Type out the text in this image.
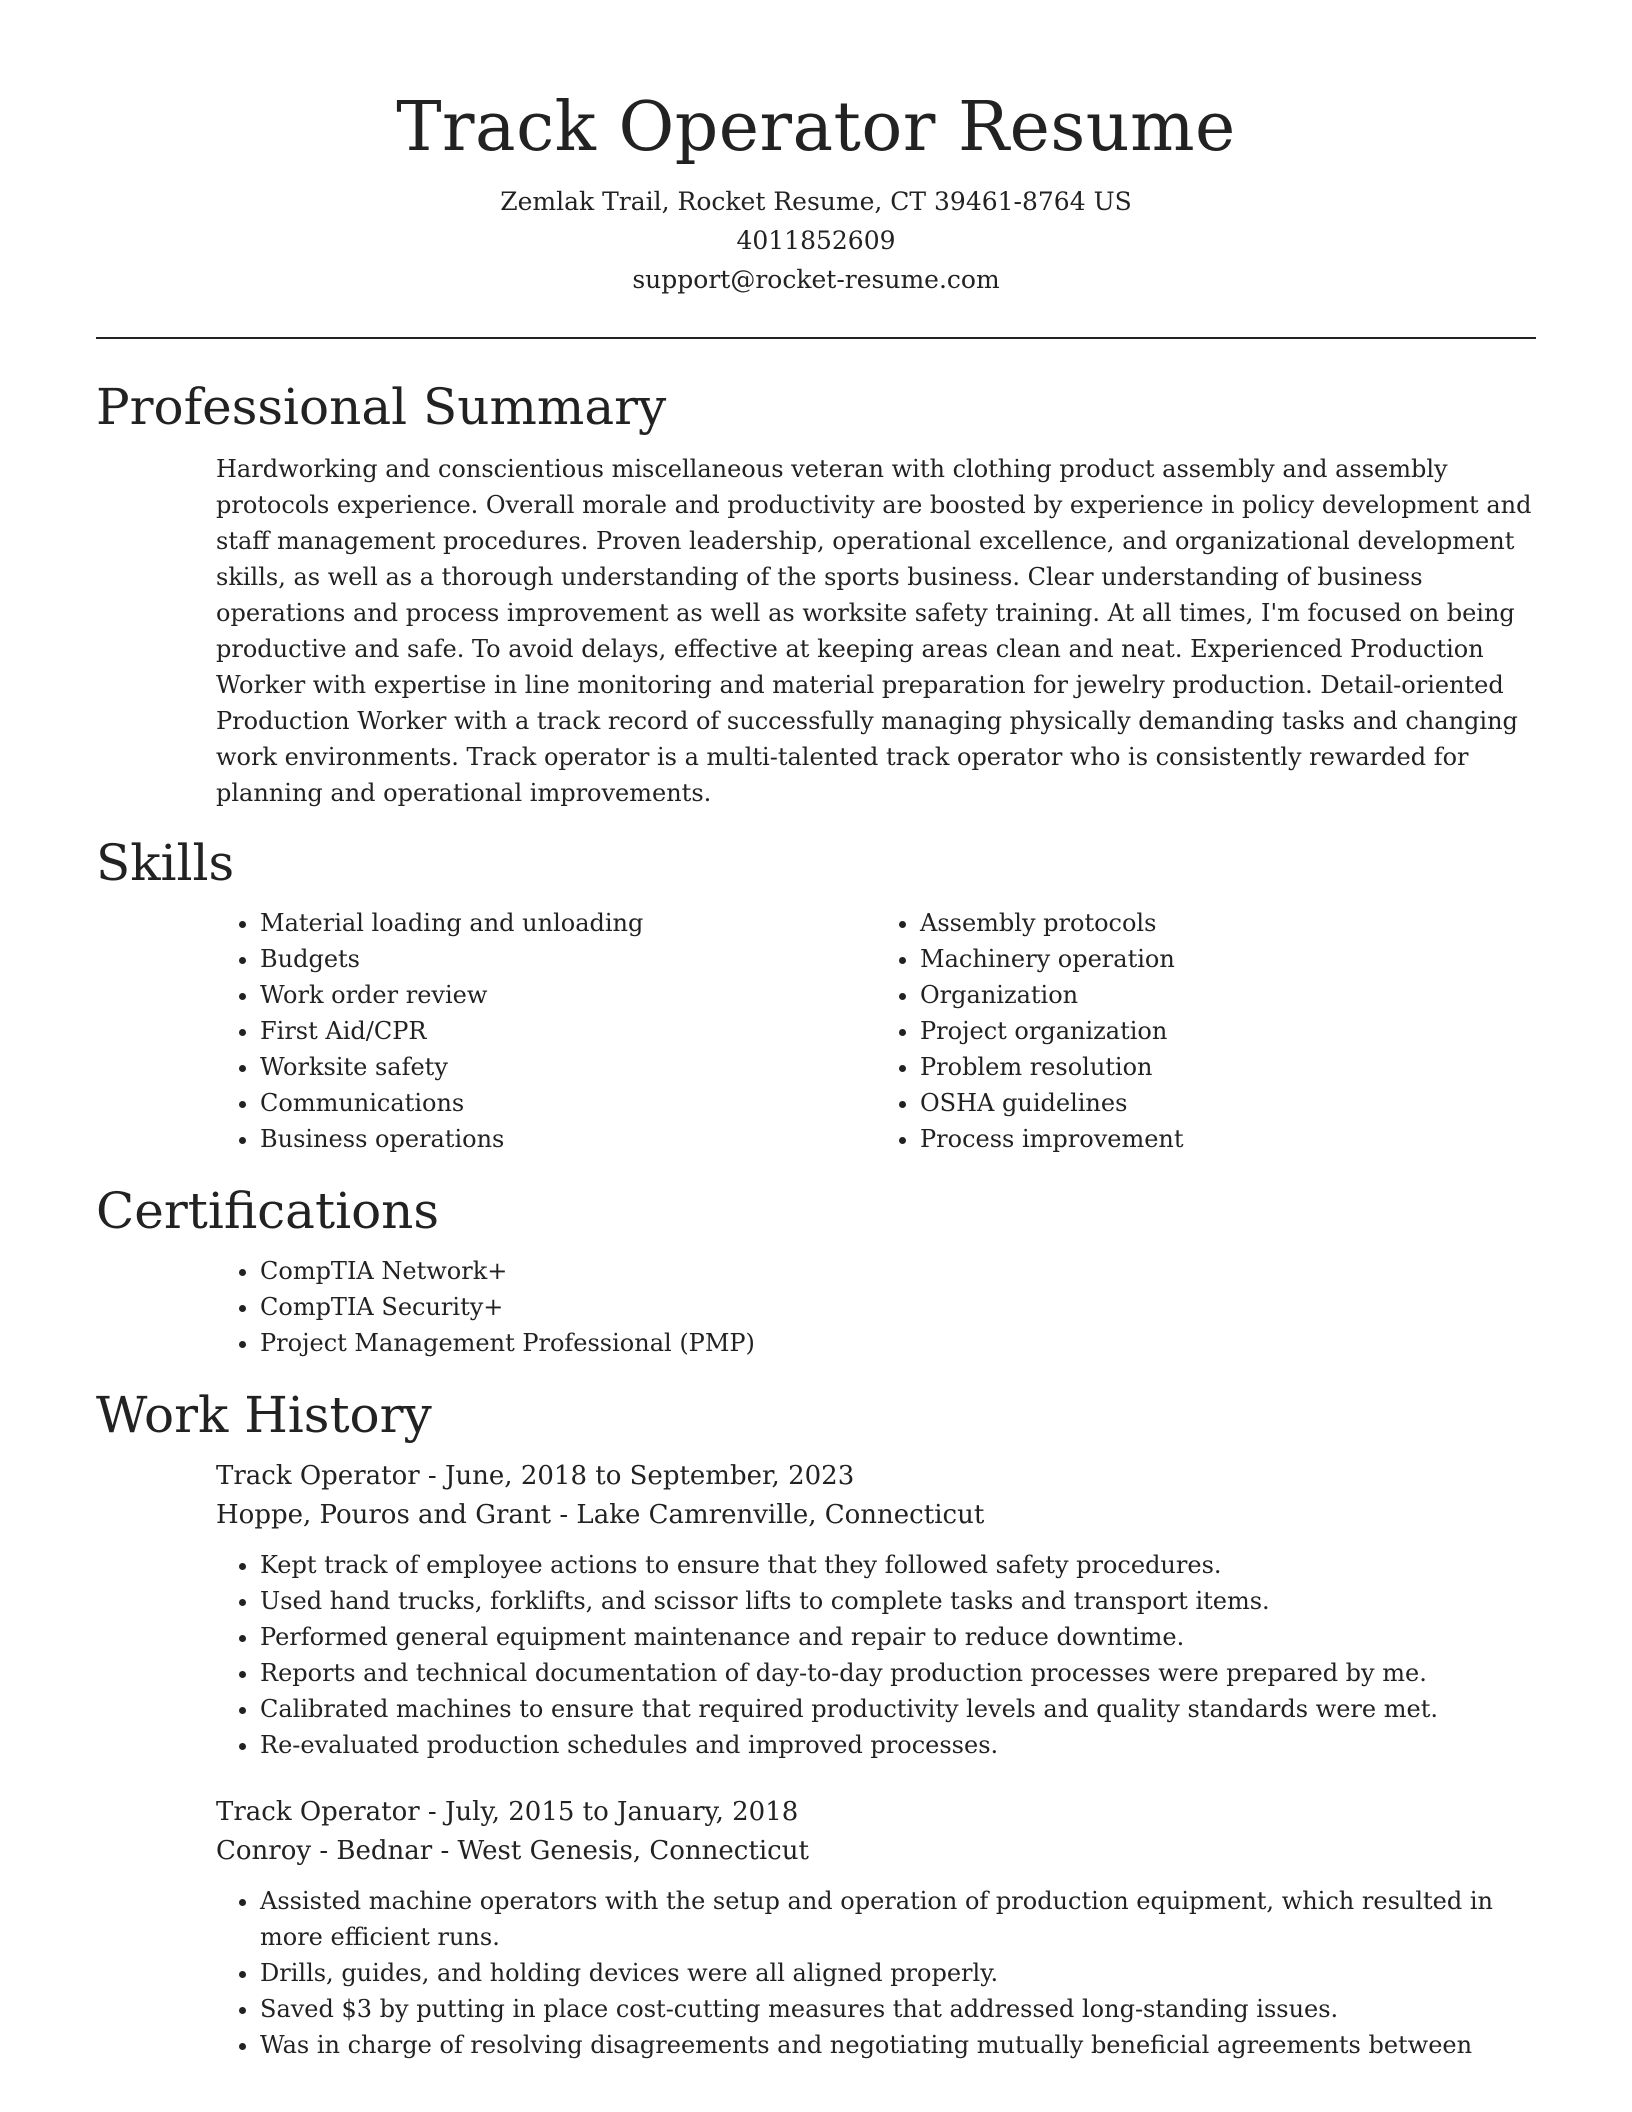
Track Operator Resume
Zemlak Trail, Rocket Resume, CT 39461-8764 US
4011852609
support@rocket-resume.com
Professional Summary

Hardworking and conscientious miscellaneous veteran with clothing product assembly and assembly protocols experience. Overall morale and productivity are boosted by experience in policy development and staff management procedures. Proven leadership, operational excellence, and organizational development skills, as well as a thorough understanding of the sports business. Clear understanding of business operations and process improvement as well as worksite safety training. At all times, I'm focused on being productive and safe. To avoid delays, effective at keeping areas clean and neat. Experienced Production Worker with expertise in line monitoring and material preparation for jewelry production. Detail-oriented Production Worker with a track record of successfully managing physically demanding tasks and changing work environments. Track operator is a multi-talented track operator who is consistently rewarded for planning and operational improvements.

Skills
• Material loading and unloading
• Budgets
• Work order review
• First Aid/CPR
• Worksite safety
• Communications
• Business operations
• Assembly protocols
• Machinery operation
• Organization
• Project organization
• Problem resolution
• OSHA guidelines
• Process improvement
Certifications
• CompTIA Network+
• CompTIA Security+
• Project Management Professional (PMP)
Work History

Track Operator - June, 2018 to September, 2023

Hoppe, Pouros and Grant - Lake Camrenville, Connecticut

• Kept track of employee actions to ensure that they followed safety procedures.
• Used hand trucks, forklifts, and scissor lifts to complete tasks and transport items.
• Performed general equipment maintenance and repair to reduce downtime.
• Reports and technical documentation of day-to-day production processes were prepared by me.
• Calibrated machines to ensure that required productivity levels and quality standards were met.
• Re-evaluated production schedules and improved processes.

Track Operator - July, 2015 to January, 2018

Conroy - Bednar - West Genesis, Connecticut

• Assisted machine operators with the setup and operation of production equipment, which resulted in more efficient runs.
• Drills, guides, and holding devices were all aligned properly.
• Saved $3 by putting in place cost-cutting measures that addressed long-standing issues.
• Was in charge of resolving disagreements and negotiating mutually beneficial agreements between
